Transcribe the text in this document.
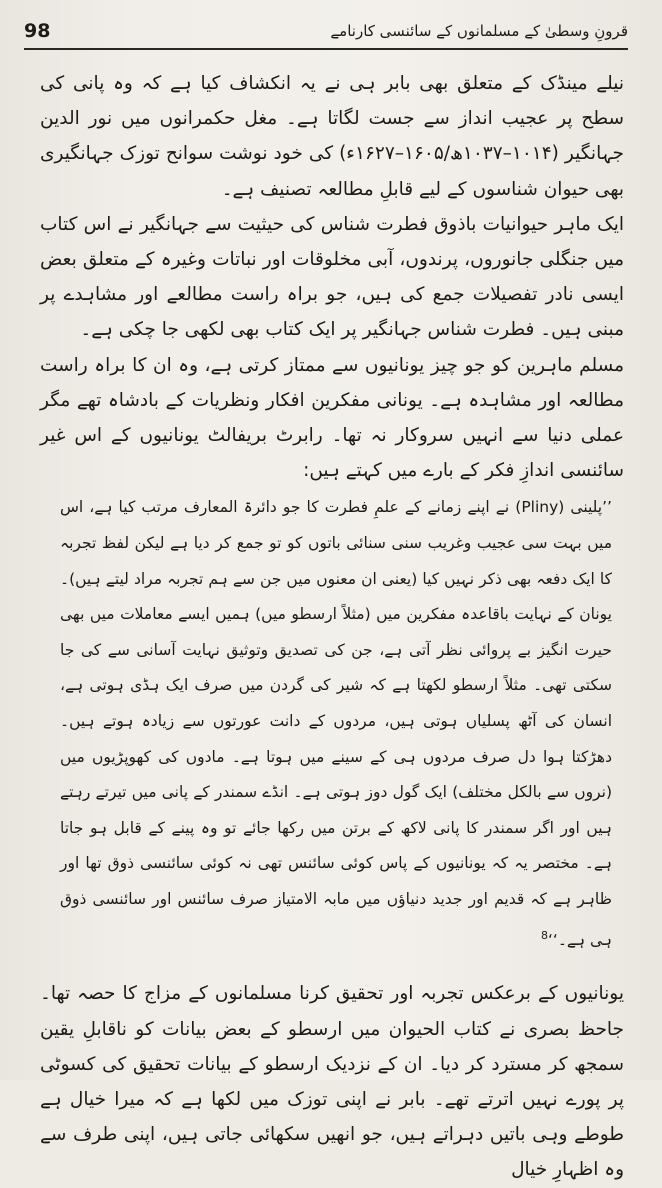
قرونِ وسطیٰ کے مسلمانوں کے سائنسی کارنامے
98

نیلے مینڈک کے متعلق بھی بابر ہی نے یہ انکشاف کیا ہے کہ وہ پانی کی سطح پر عجیب انداز سے جست لگاتا ہے۔ مغل حکمرانوں میں نور الدین جہانگیر (۱۰۱۴–۱۰۳۷ھ/۱۶۰۵–۱۶۲۷ء) کی خود نوشت سوانح توزک جہانگیری بھی حیوان شناسوں کے لیے قابلِ مطالعہ تصنیف ہے۔

ایک ماہر حیوانیات باذوق فطرت شناس کی حیثیت سے جہانگیر نے اس کتاب میں جنگلی جانوروں، پرندوں، آبی مخلوقات اور نباتات وغیرہ کے متعلق بعض ایسی نادر تفصیلات جمع کی ہیں، جو براہ راست مطالعے اور مشاہدے پر مبنی ہیں۔ فطرت شناس جہانگیر پر ایک کتاب بھی لکھی جا چکی ہے۔

مسلم ماہرین کو جو چیز یونانیوں سے ممتاز کرتی ہے، وہ ان کا براہ راست مطالعہ اور مشاہدہ ہے۔ یونانی مفکرین افکار ونظریات کے بادشاہ تھے مگر عملی دنیا سے انہیں سروکار نہ تھا۔ رابرٹ بریفالٹ یونانیوں کے اس غیر سائنسی اندازِ فکر کے بارے میں کہتے ہیں:

’’پلینی (Pliny) نے اپنے زمانے کے علمِ فطرت کا جو دائرۃ المعارف مرتب کیا ہے، اس میں بہت سی عجیب وغریب سنی سنائی باتوں کو تو جمع کر دیا ہے لیکن لفظ تجربہ کا ایک دفعہ بھی ذکر نہیں کیا (یعنی ان معنوں میں جن سے ہم تجربہ مراد لیتے ہیں)۔ یونان کے نہایت باقاعدہ مفکرین میں (مثلاً ارسطو میں) ہمیں ایسے معاملات میں بھی حیرت انگیز بے پروائی نظر آتی ہے، جن کی تصدیق وتوثیق نہایت آسانی سے کی جا سکتی تھی۔ مثلاً ارسطو لکھتا ہے کہ شیر کی گردن میں صرف ایک ہڈی ہوتی ہے، انسان کی آٹھ پسلیاں ہوتی ہیں، مردوں کے دانت عورتوں سے زیادہ ہوتے ہیں۔ دھڑکتا ہوا دل صرف مردوں ہی کے سینے میں ہوتا ہے۔ مادوں کی کھوپڑیوں میں (نروں سے بالکل مختلف) ایک گول دوز ہوتی ہے۔ انڈے سمندر کے پانی میں تیرتے رہتے ہیں اور اگر سمندر کا پانی لاکھ کے برتن میں رکھا جائے تو وہ پینے کے قابل ہو جاتا ہے۔ مختصر یہ کہ یونانیوں کے پاس کوئی سائنس تھی نہ کوئی سائنسی ذوق تھا اور ظاہر ہے کہ قدیم اور جدید دنیاؤں میں مابہ الامتیاز صرف سائنس اور سائنسی ذوق ہی ہے۔‘‘$^8$

یونانیوں کے برعکس تجربہ اور تحقیق کرنا مسلمانوں کے مزاج کا حصہ تھا۔ جاحظ بصری نے کتاب الحیوان میں ارسطو کے بعض بیانات کو ناقابلِ یقین سمجھ کر مسترد کر دیا۔ ان کے نزدیک ارسطو کے بیانات تحقیق کی کسوٹی پر پورے نہیں اترتے تھے۔ بابر نے اپنی توزک میں لکھا ہے کہ میرا خیال ہے طوطے وہی باتیں دہراتے ہیں، جو انھیں سکھائی جاتی ہیں، اپنی طرف سے وہ اظہارِ خیال
